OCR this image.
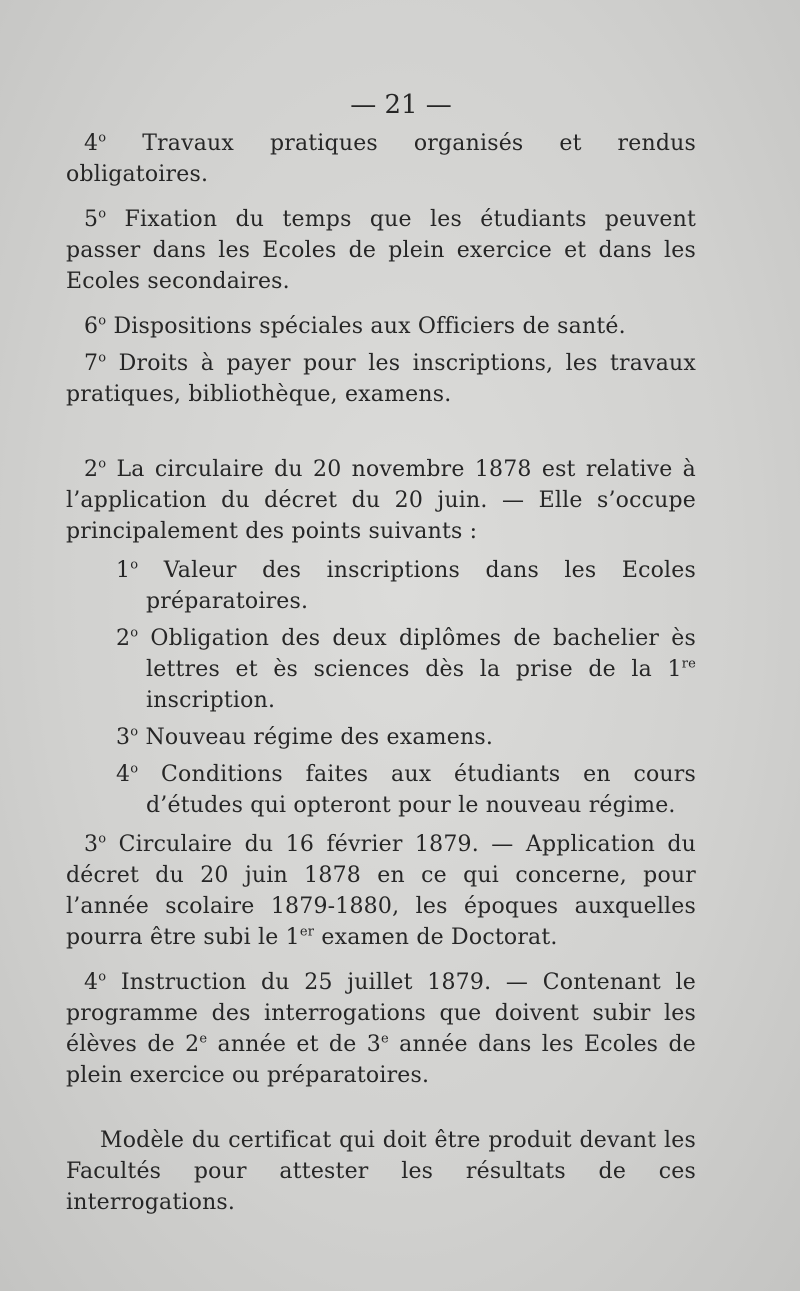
— 21 —

4$^o$ Travaux pratiques organisés et rendus obligatoires.

5$^o$ Fixation du temps que les étudiants peuvent passer dans les Ecoles de plein exercice et dans les Ecoles secondaires.

6$^o$ Dispositions spéciales aux Officiers de santé.

7$^o$ Droits à payer pour les inscriptions, les travaux pratiques, bibliothèque, examens.

2$^o$ La circulaire du 20 novembre 1878 est relative à l’application du décret du 20 juin. — Elle s’occupe principalement des points suivants :

1$^o$ Valeur des inscriptions dans les Ecoles préparatoires.

2$^o$ Obligation des deux diplômes de bachelier ès lettres et ès sciences dès la prise de la 1re inscription.

3$^o$ Nouveau régime des examens.

4$^o$ Conditions faites aux étudiants en cours d’études qui opteront pour le nouveau régime.

3$^o$ Circulaire du 16 février 1879. — Application du décret du 20 juin 1878 en ce qui concerne, pour l’année scolaire 1879-1880, les époques auxquelles pourra être subi le 1er examen de Doctorat.

4$^o$ Instruction du 25 juillet 1879. — Contenant le programme des interrogations que doivent subir les élèves de 2e année et de 3e année dans les Ecoles de plein exercice ou préparatoires.

Modèle du certificat qui doit être produit devant les Facultés pour attester les résultats de ces interrogations.
